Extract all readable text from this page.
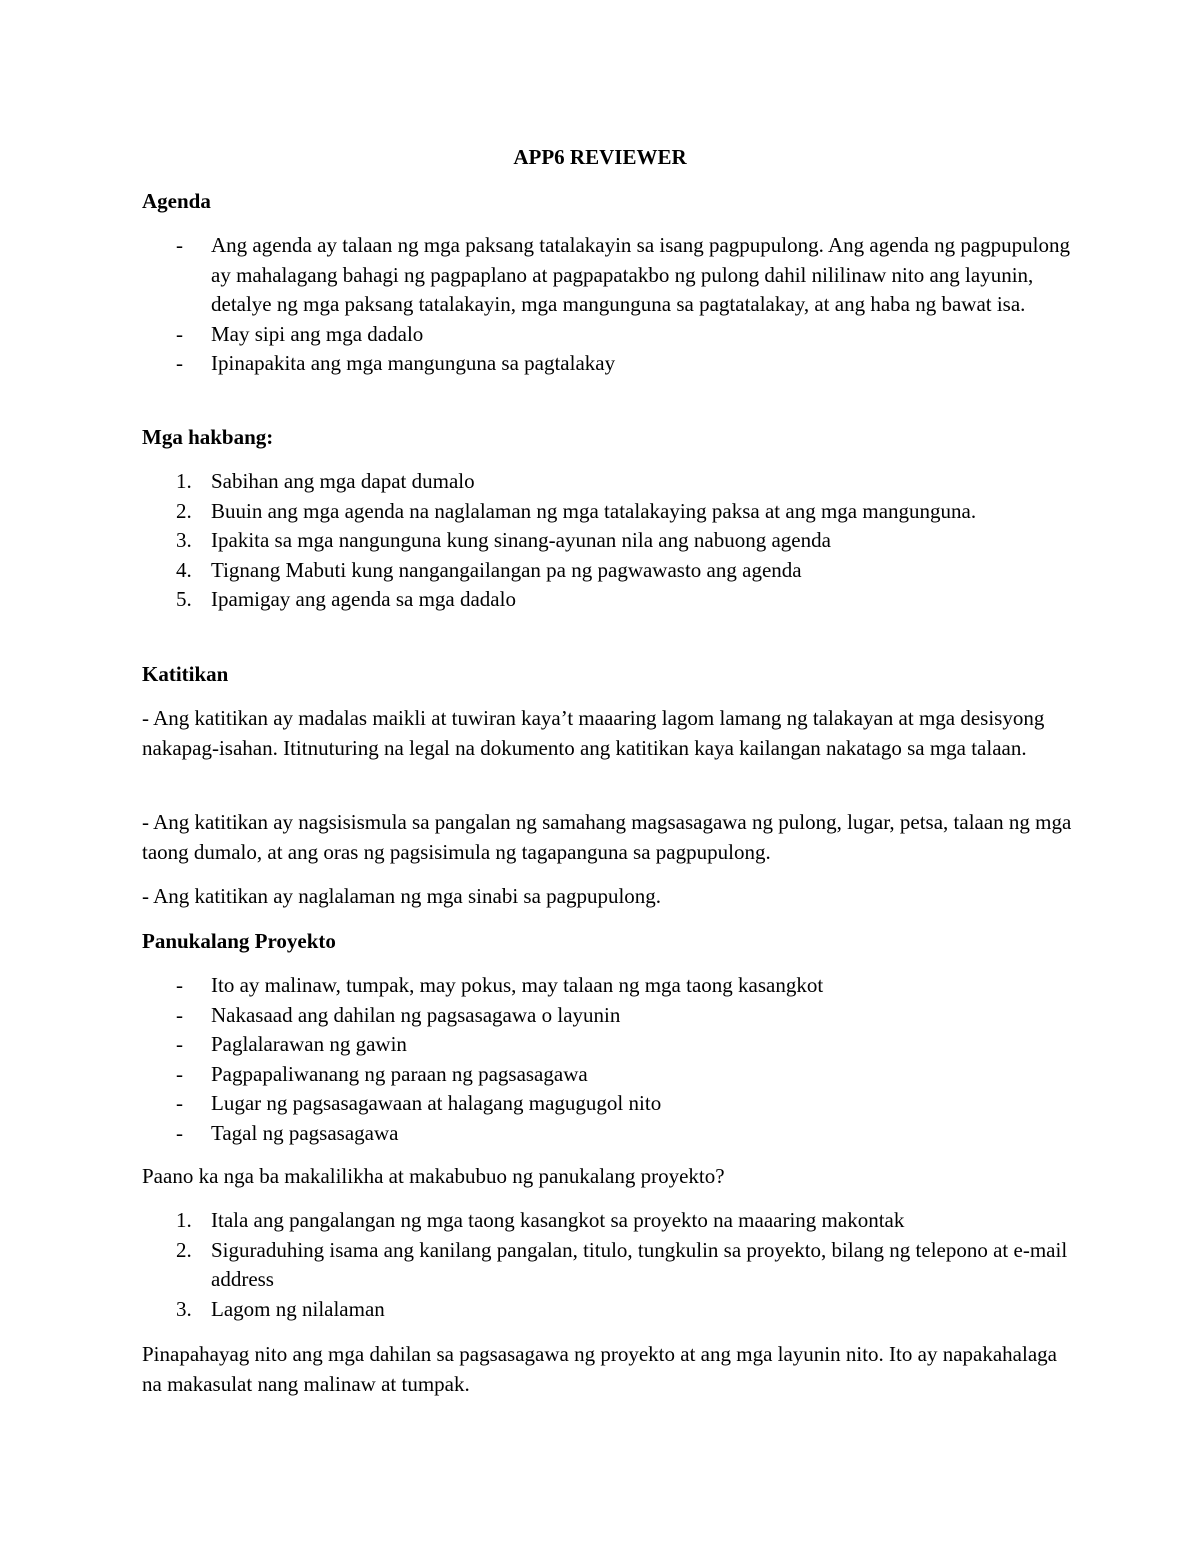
APP6 REVIEWER
Agenda
- Ang agenda ay talaan ng mga paksang tatalakayin sa isang pagpupulong. Ang agenda ng pagpupulong ay mahalagang bahagi ng pagpaplano at pagpapatakbo ng pulong dahil nililinaw nito ang layunin, detalye ng mga paksang tatalakayin, mga mangunguna sa pagtatalakay, at ang haba ng bawat isa.
- May sipi ang mga dadalo
- Ipinapakita ang mga mangunguna sa pagtalakay
Mga hakbang:
1. Sabihan ang mga dapat dumalo
2. Buuin ang mga agenda na naglalaman ng mga tatalakaying paksa at ang mga mangunguna.
3. Ipakita sa mga nangunguna kung sinang-ayunan nila ang nabuong agenda
4. Tignang Mabuti kung nangangailangan pa ng pagwawasto ang agenda
5. Ipamigay ang agenda sa mga dadalo
Katitikan

- Ang katitikan ay madalas maikli at tuwiran kaya’t maaaring lagom lamang ng talakayan at mga desisyong nakapag-isahan. Ititnuturing na legal na dokumento ang katitikan kaya kailangan nakatago sa mga talaan.

- Ang katitikan ay nagsisismula sa pangalan ng samahang magsasagawa ng pulong, lugar, petsa, talaan ng mga taong dumalo, at ang oras ng pagsisimula ng tagapanguna sa pagpupulong.

- Ang katitikan ay naglalaman ng mga sinabi sa pagpupulong.

Panukalang Proyekto
- Ito ay malinaw, tumpak, may pokus, may talaan ng mga taong kasangkot
- Nakasaad ang dahilan ng pagsasagawa o layunin
- Paglalarawan ng gawin
- Pagpapaliwanang ng paraan ng pagsasagawa
- Lugar ng pagsasagawaan at halagang magugugol nito
- Tagal ng pagsasagawa

Paano ka nga ba makalilikha at makabubuo ng panukalang proyekto?

1. Itala ang pangalangan ng mga taong kasangkot sa proyekto na maaaring makontak
2. Siguraduhing isama ang kanilang pangalan, titulo, tungkulin sa proyekto, bilang ng telepono at e-mail address
3. Lagom ng nilalaman

Pinapahayag nito ang mga dahilan sa pagsasagawa ng proyekto at ang mga layunin nito. Ito ay napakahalaga na makasulat nang malinaw at tumpak.
